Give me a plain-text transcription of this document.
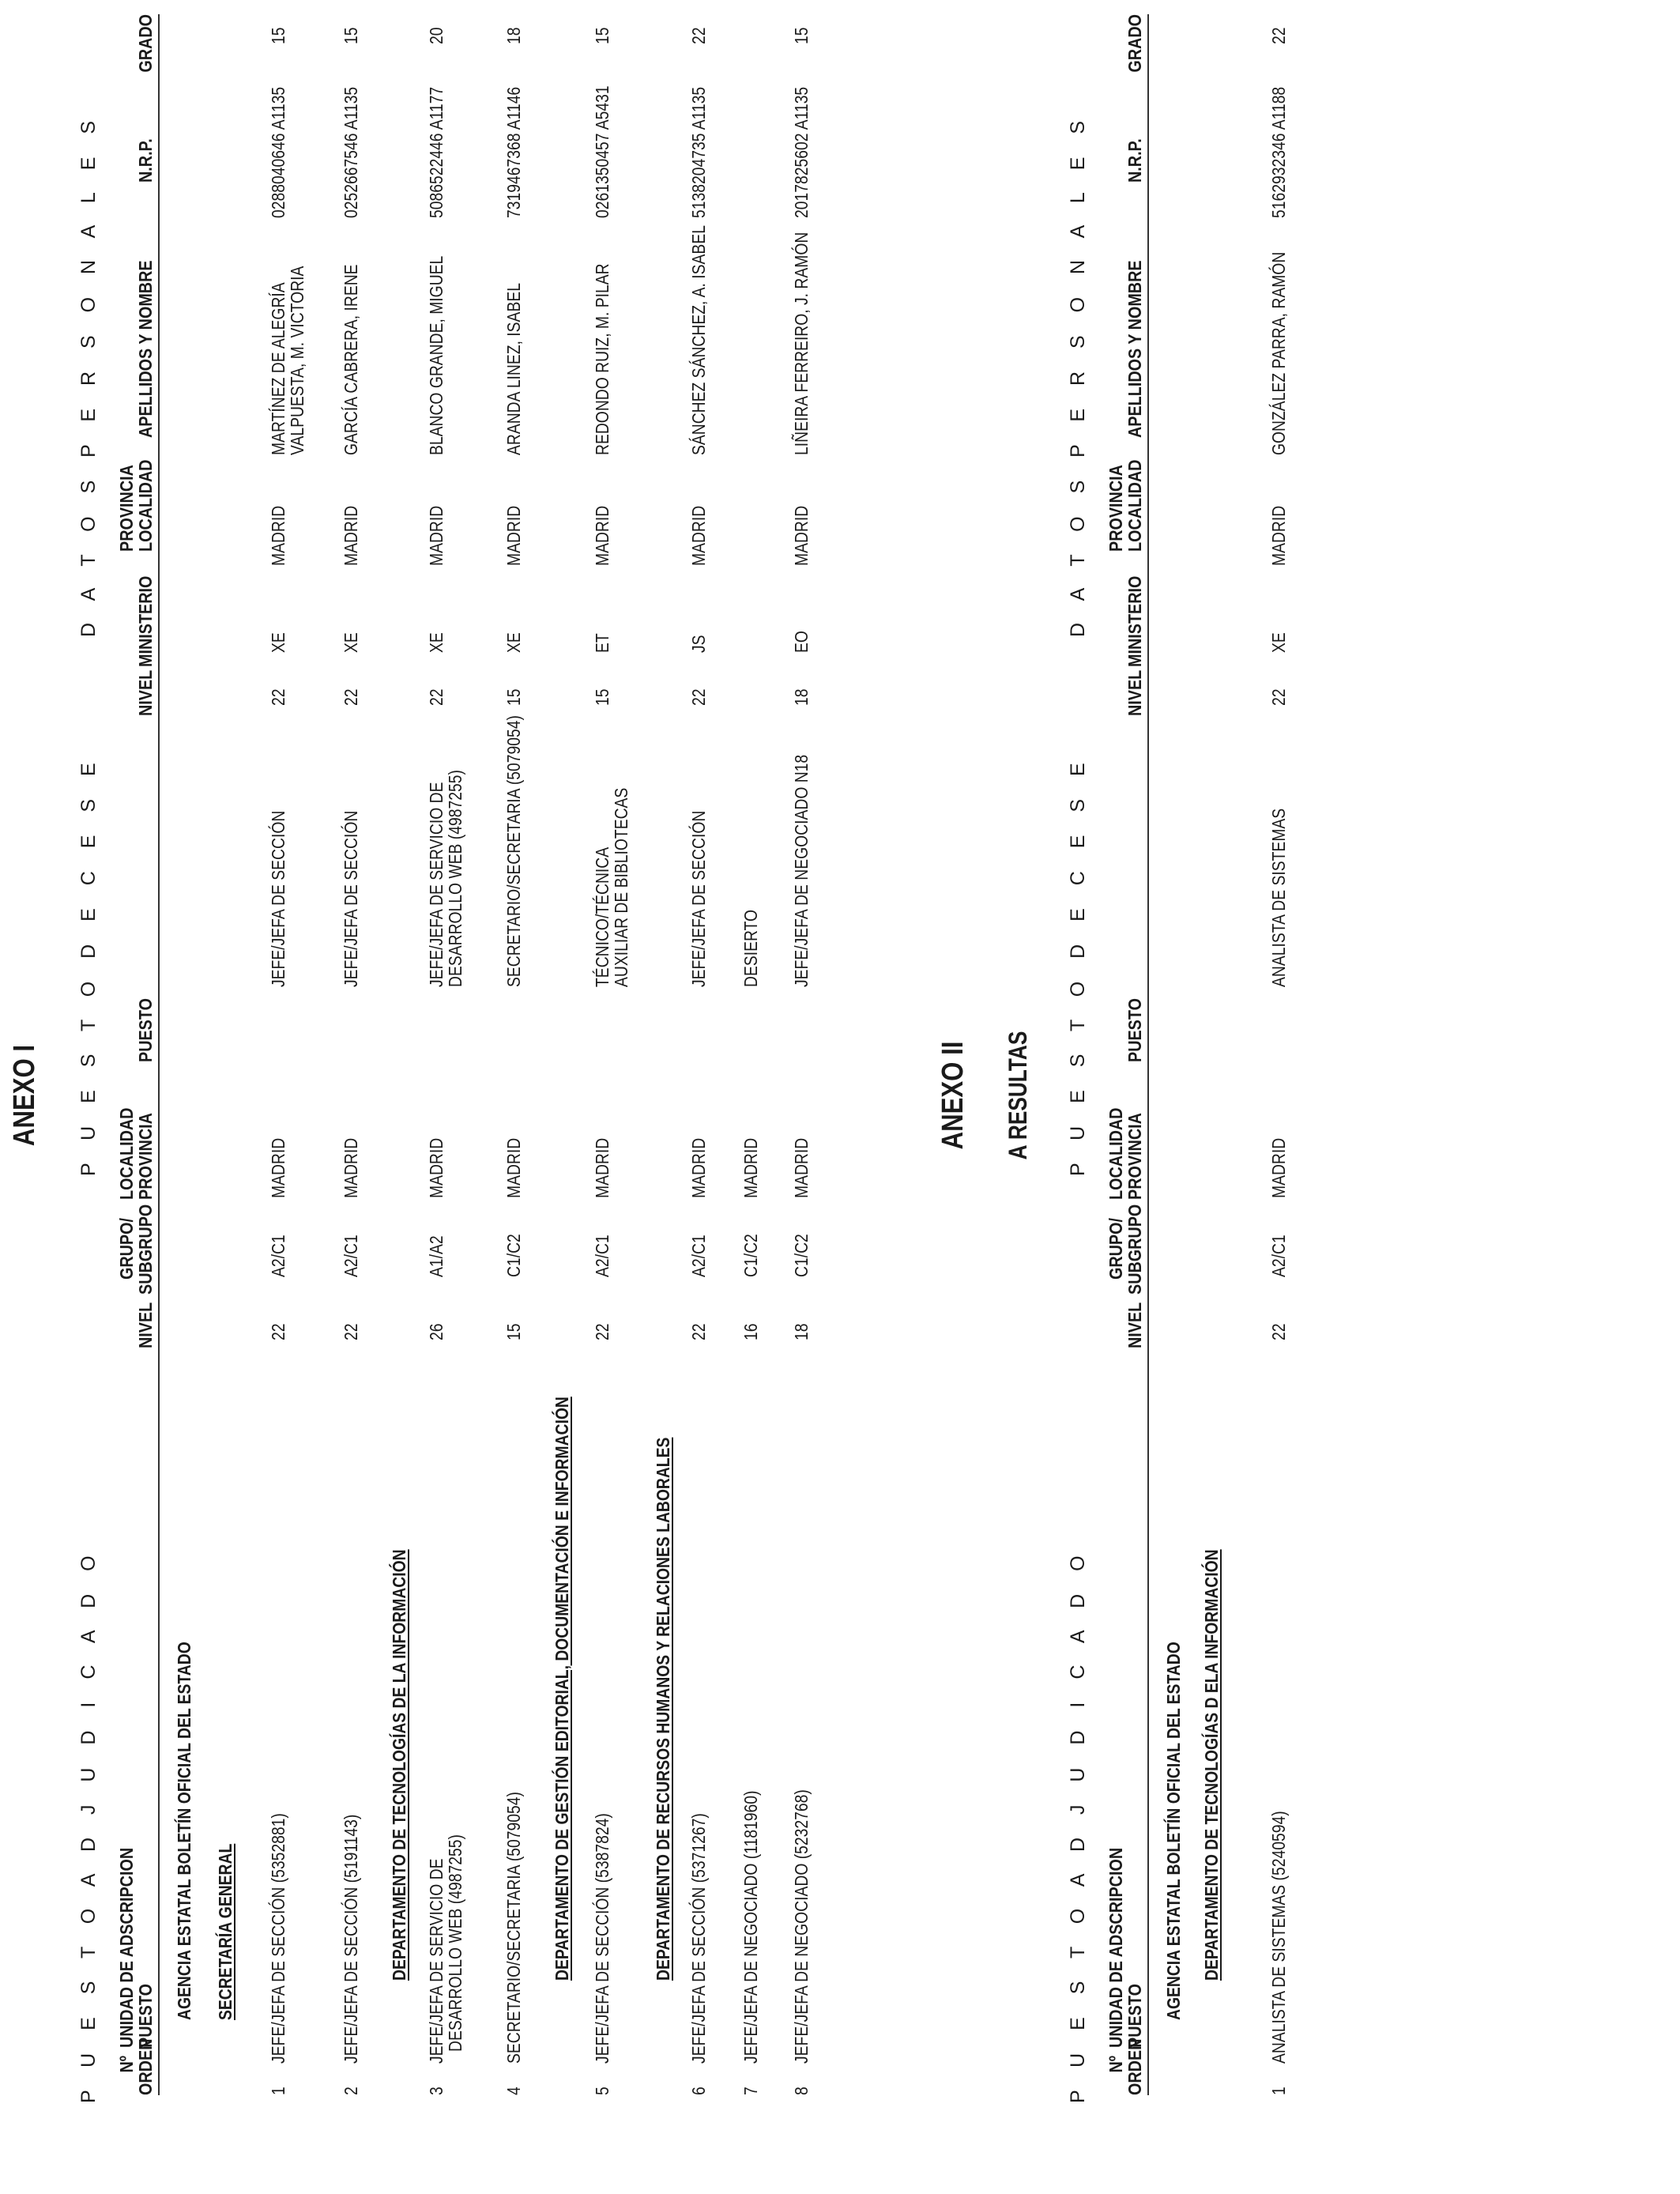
ANEXO I
P U E S T O A D J U D I C A D O
P U E S T O D E C E S E
D A T O S P E R S O N A L E S
Nº
ORDEN
UNIDAD DE ADSCRIPCION
PUESTO
NIVEL
GRUPO/
SUBGRUPO
LOCALIDAD
PROVINCIA
PUESTO
NIVEL
MINISTERIO
PROVINCIA
LOCALIDAD
APELLIDOS Y NOMBRE
N.R.P.
GRADO
AGENCIA ESTATAL BOLETÍN OFICIAL DEL ESTADO SECRETARÍA GENERAL
1
JEFE/JEFA DE SECCIÓN (5352881)
22
A2/C1
MADRID
JEFE/JEFA DE SECCIÓN
22
XE
MADRID
MARTÍNEZ DE ALEGRÍA
VALPUESTA, M. VICTORIA
0288040646 A1135
15
2
JEFE/JEFA DE SECCIÓN (5191143)
22
A2/C1
MADRID
JEFE/JEFA DE SECCIÓN
22
XE
MADRID
GARCÍA CABRERA, IRENE
0252667546 A1135
15
DEPARTAMENTO DE TECNOLOGÍAS DE LA INFORMACIÓN
3
JEFE/JEFA DE SERVICIO DE
DESARROLLO WEB (4987255)
26
A1/A2
MADRID
JEFE/JEFA DE SERVICIO DE
DESARROLLO WEB (4987255)
22
XE
MADRID
BLANCO GRANDE, MIGUEL
5086522446 A1177
20
4
SECRETARIO/SECRETARIA (5079054)
15
C1/C2
MADRID
SECRETARIO/SECRETARIA (5079054)
15
XE
MADRID
ARANDA LINEZ, ISABEL
7319467368 A1146
18
DEPARTAMENTO DE GESTIÓN EDITORIAL, DOCUMENTACIÓN E INFORMACIÓN
5
JEFE/JEFA DE SECCIÓN (5387824)
22
A2/C1
MADRID
TÉCNICO/TÉCNICA
AUXILIAR DE BIBLIOTECAS
15
ET
MADRID
REDONDO RUIZ, M. PILAR
0261350457 A5431
15
DEPARTAMENTO DE RECURSOS HUMANOS Y RELACIONES LABORALES
6
JEFE/JEFA DE SECCIÓN (5371267)
22
A2/C1
MADRID
JEFE/JEFA DE SECCIÓN
22
JS
MADRID
SÁNCHEZ SÁNCHEZ, A. ISABEL
5138204735 A1135
22
7
JEFE/JEFA DE NEGOCIADO (1181960)
16
C1/C2
MADRID
DESIERTO
8
JEFE/JEFA DE NEGOCIADO (5232768)
18
C1/C2
MADRID
JEFE/JEFA DE NEGOCIADO N18
18
EO
MADRID
LIÑEIRA FERREIRO, J. RAMÓN
2017825602 A1135
15
ANEXO II A RESULTAS
P U E S T O A D J U D I C A D O
P U E S T O D E C E S E
D A T O S P E R S O N A L E S
Nº
ORDEN
UNIDAD DE ADSCRIPCION
PUESTO
NIVEL
GRUPO/
SUBGRUPO
LOCALIDAD
PROVINCIA
PUESTO
NIVEL
MINISTERIO
PROVINCIA
LOCALIDAD
APELLIDOS Y NOMBRE
N.R.P.
GRADO
AGENCIA ESTATAL BOLETÍN OFICIAL DEL ESTADO DEPARTAMENTO DE TECNOLOGÍAS D ELA INFORMACIÓN
1
ANALISTA DE SISTEMAS (5240594)
22
A2/C1
MADRID
ANALISTA DE SISTEMAS
22
XE
MADRID
GONZÁLEZ PARRA, RAMÓN
5162932346 A1188
22
